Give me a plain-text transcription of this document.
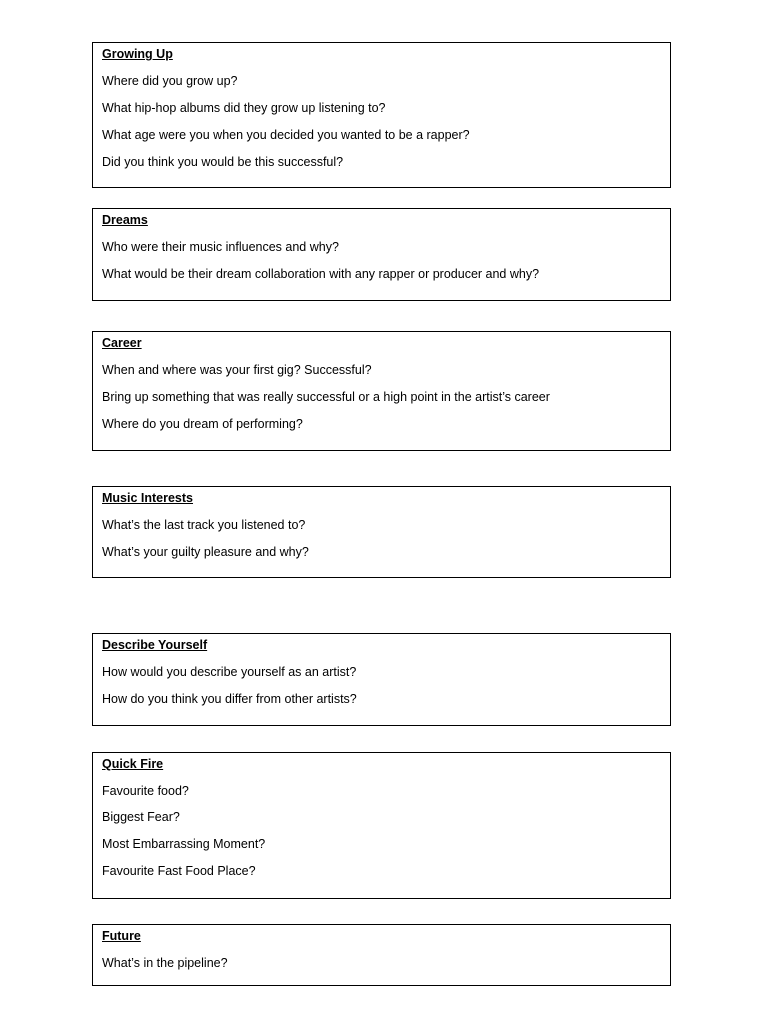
Growing Up
Where did you grow up?
What hip-hop albums did they grow up listening to?
What age were you when you decided you wanted to be a rapper?
Did you think you would be this successful?
Dreams
Who were their music influences and why?
What would be their dream collaboration with any rapper or producer and why?
Career
When and where was your first gig? Successful?
Bring up something that was really successful or a high point in the artist’s career
Where do you dream of performing?
Music Interests
What’s the last track you listened to?
What’s your guilty pleasure and why?
Describe Yourself
How would you describe yourself as an artist?
How do you think you differ from other artists?
Quick Fire
Favourite food?
Biggest Fear?
Most Embarrassing Moment?
Favourite Fast Food Place?
Future
What’s in the pipeline?
